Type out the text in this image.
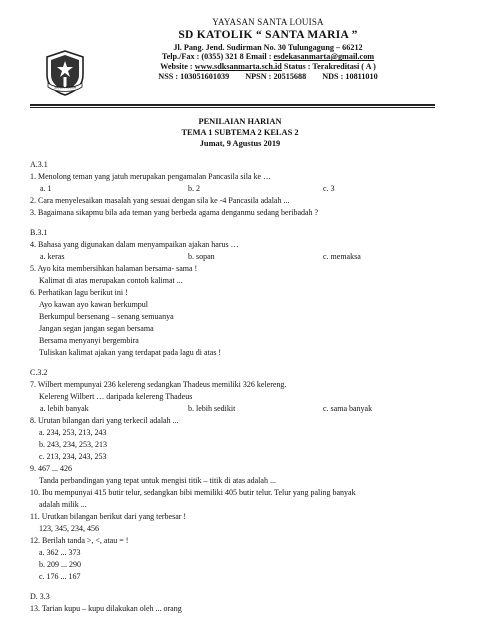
SANTA MARIA
YAYASAN SANTA LOUISA
SD KATOLIK “ SANTA MARIA ”
Jl. Pang. Jend. Sudirman No. 30 Tulungagung – 66212
Telp./Fax : (0355) 321 8 Email : esdekasanmarta@gmail.com
Website : www.sdksanmarta.sch.id Status : Terakreditasi ( A )
NSS : 103051601039 NPSN : 20515688 NDS : 10811010
PENILAIAN HARIAN
TEMA 1 SUBTEMA 2 KELAS 2
Jumat, 9 Agustus 2019
A.3.1
1. Menolong teman yang jatuh merupakan pengamalan Pancasila sila ke …
a. 1	b. 2	c. 3
2. Cara menyelesaikan masalah yang sesuai dengan sila ke -4 Pancasila adalah ...
3. Bagaimana sikapmu bila ada teman yang berbeda agama denganmu sedang beribadah ?
B.3.1
4. Bahasa yang digunakan dalam menyampaikan ajakan harus …
a. keras	b. sopan	c. memaksa
5. Ayo kita membersihkan halaman bersama- sama !
Kalimat di atas merupakan contoh kalimat ...
6. Perhatikan lagu berikut ini !
Ayo kawan ayo kawan berkumpul
Berkumpul bersenang – senang semuanya
Jangan segan jangan segan bersama
Bersama menyanyi bergembira
Tuliskan kalimat ajakan yang terdapat pada lagu di atas !
C.3.2
7. Wilbert mempunyai 236 kelereng sedangkan Thadeus memiliki 326 kelereng.
Kelereng Wilbert … daripada kelereng Thadeus
a. lebih banyak	b. lebih sedikit	c. sama banyak
8. Urutan bilangan dari yang terkecil adalah ...
a. 234, 253, 213, 243
b. 243, 234, 253, 213
c. 213, 234, 243, 253
9. 467 ... 426
Tanda perbandingan yang tepat untuk mengisi titik – titik di atas adalah ...
10. Ibu mempunyai 415 butir telur, sedangkan bibi memiliki 405 butir telur. Telur yang paling banyak
adalah milik ...
11. Urutkan bilangan berikut dari yang terbesar !
123, 345, 234, 456
12. Berilah tanda >, <, atau = !
a. 362 ... 373
b. 209 ... 290
c. 176 ... 167
D. 3.3
13. Tarian kupu – kupu dilakukan oleh ... orang
